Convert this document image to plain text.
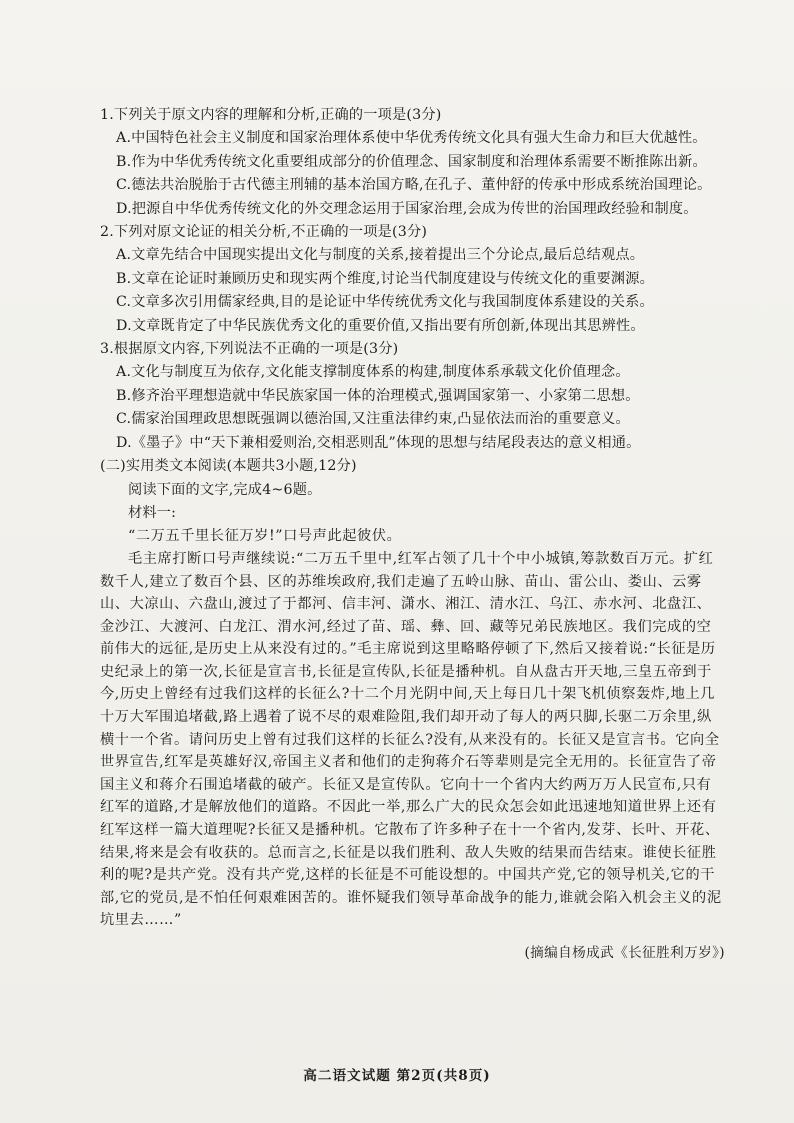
1.下列关于原文内容的理解和分析,正确的一项是(3分)
A.中国特色社会主义制度和国家治理体系使中华优秀传统文化具有强大生命力和巨大优越性。
B.作为中华优秀传统文化重要组成部分的价值理念、国家制度和治理体系需要不断推陈出新。
C.德法共治脱胎于古代德主刑辅的基本治国方略,在孔子、董仲舒的传承中形成系统治国理论。
D.把源自中华优秀传统文化的外交理念运用于国家治理,会成为传世的治国理政经验和制度。
2.下列对原文论证的相关分析,不正确的一项是(3分)
A.文章先结合中国现实提出文化与制度的关系,接着提出三个分论点,最后总结观点。
B.文章在论证时兼顾历史和现实两个维度,讨论当代制度建设与传统文化的重要渊源。
C.文章多次引用儒家经典,目的是论证中华传统优秀文化与我国制度体系建设的关系。
D.文章既肯定了中华民族优秀文化的重要价值,又指出要有所创新,体现出其思辨性。
3.根据原文内容,下列说法不正确的一项是(3分)
A.文化与制度互为依存,文化能支撑制度体系的构建,制度体系承载文化价值理念。
B.修齐治平理想造就中华民族家国一体的治理模式,强调国家第一、小家第二思想。
C.儒家治国理政思想既强调以德治国,又注重法律约束,凸显依法而治的重要意义。
D.《墨子》中“天下兼相爱则治,交相恶则乱”体现的思想与结尾段表达的意义相通。
(二)实用类文本阅读(本题共3小题,12分)
阅读下面的文字,完成4~6题。
材料一:
“二万五千里长征万岁!”口号声此起彼伏。
毛主席打断口号声继续说:“二万五千里中,红军占领了几十个中小城镇,筹款数百万元。扩红数千人,建立了数百个县、区的苏维埃政府,我们走遍了五岭山脉、苗山、雷公山、娄山、云雾山、大凉山、六盘山,渡过了于都河、信丰河、潇水、湘江、清水江、乌江、赤水河、北盘江、金沙江、大渡河、白龙江、渭水河,经过了苗、瑶、彝、回、藏等兄弟民族地区。我们完成的空前伟大的远征,是历史上从来没有过的。”毛主席说到这里略略停顿了下,然后又接着说:“长征是历史纪录上的第一次,长征是宣言书,长征是宣传队,长征是播种机。自从盘古开天地,三皇五帝到于今,历史上曾经有过我们这样的长征么?十二个月光阴中间,天上每日几十架飞机侦察轰炸,地上几十万大军围追堵截,路上遇着了说不尽的艰难险阻,我们却开动了每人的两只脚,长驱二万余里,纵横十一个省。请问历史上曾有过我们这样的长征么?没有,从来没有的。长征又是宣言书。它向全世界宣告,红军是英雄好汉,帝国主义者和他们的走狗蒋介石等辈则是完全无用的。长征宣告了帝国主义和蒋介石围追堵截的破产。长征又是宣传队。它向十一个省内大约两万万人民宣布,只有红军的道路,才是解放他们的道路。不因此一举,那么广大的民众怎会如此迅速地知道世界上还有红军这样一篇大道理呢?长征又是播种机。它散布了许多种子在十一个省内,发芽、长叶、开花、结果,将来是会有收获的。总而言之,长征是以我们胜利、敌人失败的结果而告结束。谁使长征胜利的呢?是共产党。没有共产党,这样的长征是不可能设想的。中国共产党,它的领导机关,它的干部,它的党员,是不怕任何艰难困苦的。谁怀疑我们领导革命战争的能力,谁就会陷入机会主义的泥坑里去……”
(摘编自杨成武《长征胜利万岁》)
高二语文试题 第2页(共8页)
